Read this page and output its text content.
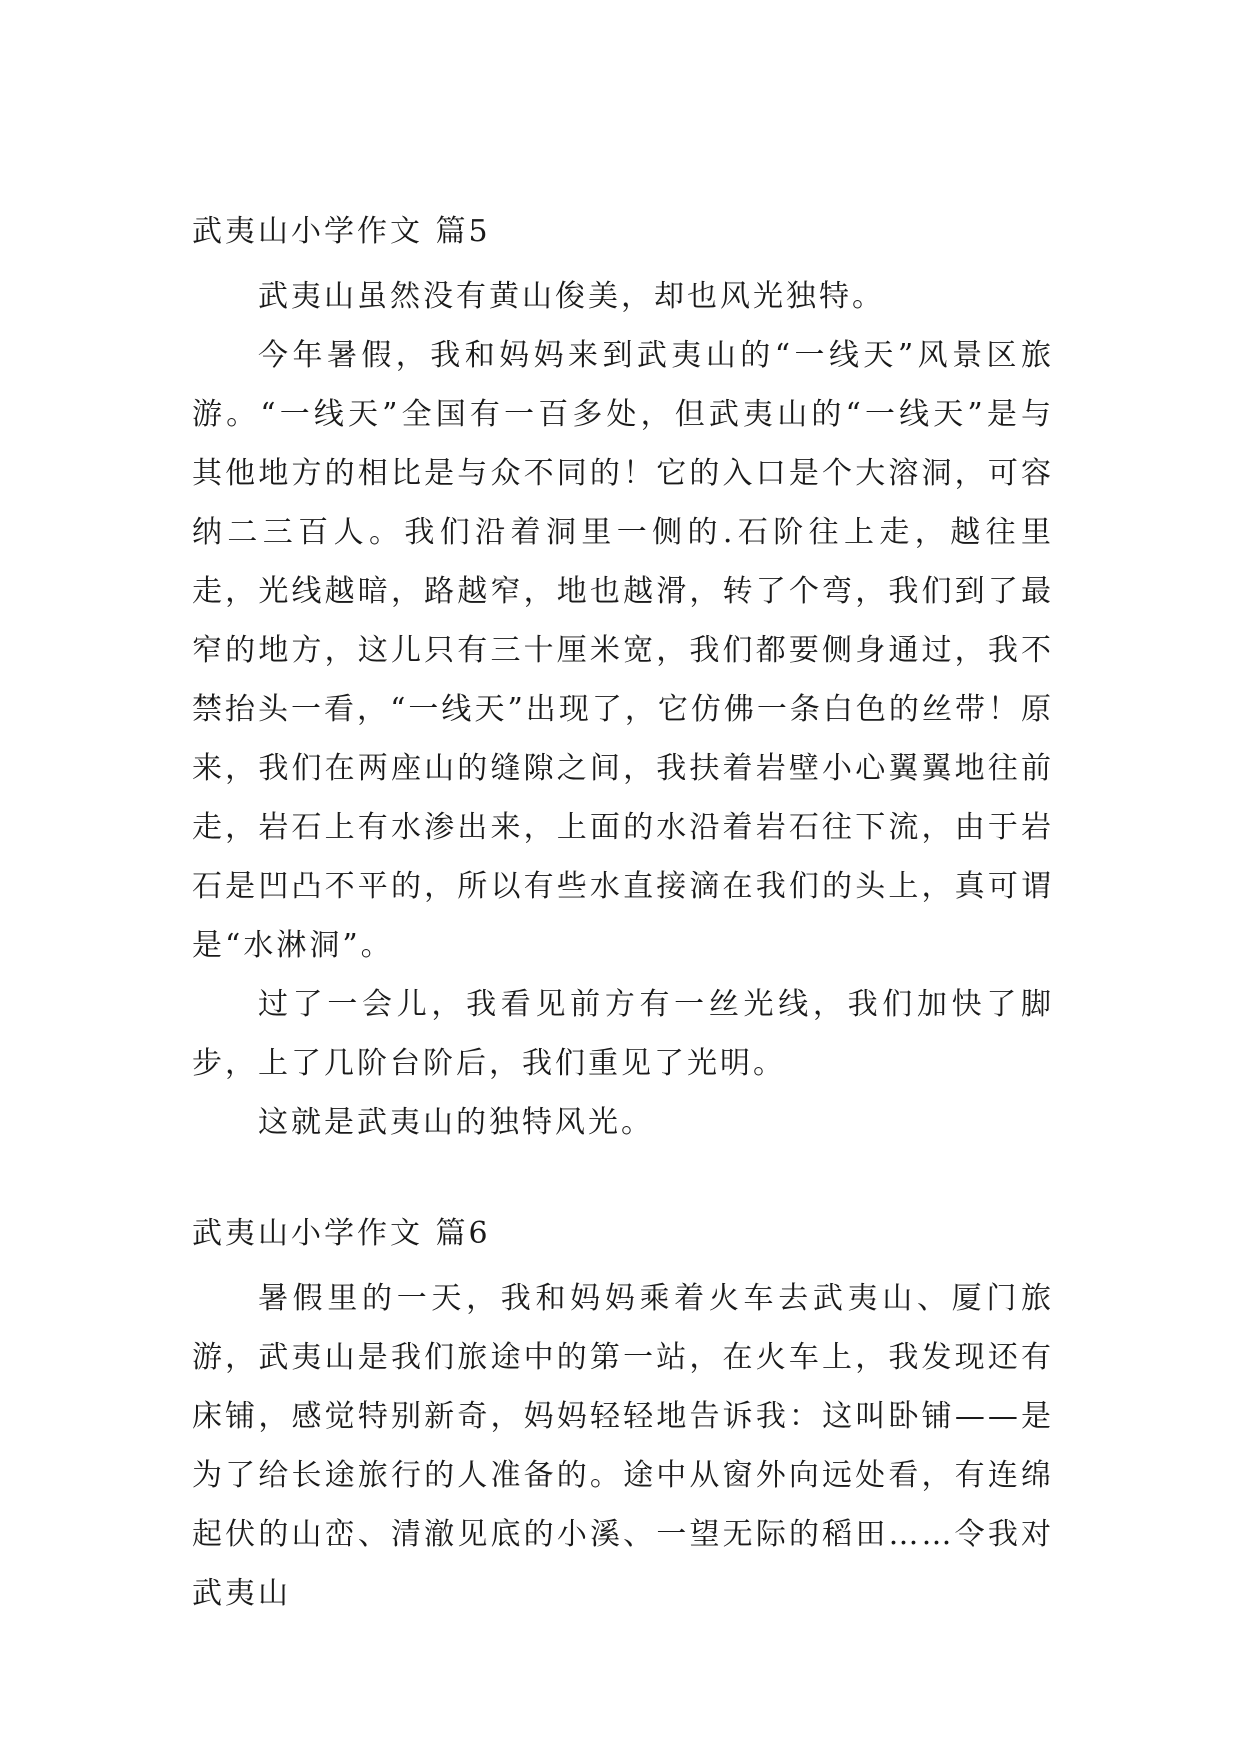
武夷山小学作文 篇5

武夷山虽然没有黄山俊美，却也风光独特。

今年暑假，我和妈妈来到武夷山的“一线天”风景区旅游。“一线天”全国有一百多处，但武夷山的“一线天”是与其他地方的相比是与众不同的！它的入口是个大溶洞，可容纳二三百人。我们沿着洞里一侧的.石阶往上走，越往里走，光线越暗，路越窄，地也越滑，转了个弯，我们到了最窄的地方，这儿只有三十厘米宽，我们都要侧身通过，我不禁抬头一看，“一线天”出现了，它仿佛一条白色的丝带！原来，我们在两座山的缝隙之间，我扶着岩壁小心翼翼地往前走，岩石上有水渗出来，上面的水沿着岩石往下流，由于岩石是凹凸不平的，所以有些水直接滴在我们的头上，真可谓是“水淋洞”。

过了一会儿，我看见前方有一丝光线，我们加快了脚步，上了几阶台阶后，我们重见了光明。

这就是武夷山的独特风光。

武夷山小学作文 篇6

暑假里的一天，我和妈妈乘着火车去武夷山、厦门旅游，武夷山是我们旅途中的第一站，在火车上，我发现还有床铺，感觉特别新奇，妈妈轻轻地告诉我：这叫卧铺——是为了给长途旅行的人准备的。途中从窗外向远处看，有连绵起伏的山峦、清澈见底的小溪、一望无际的稻田……令我对武夷山
